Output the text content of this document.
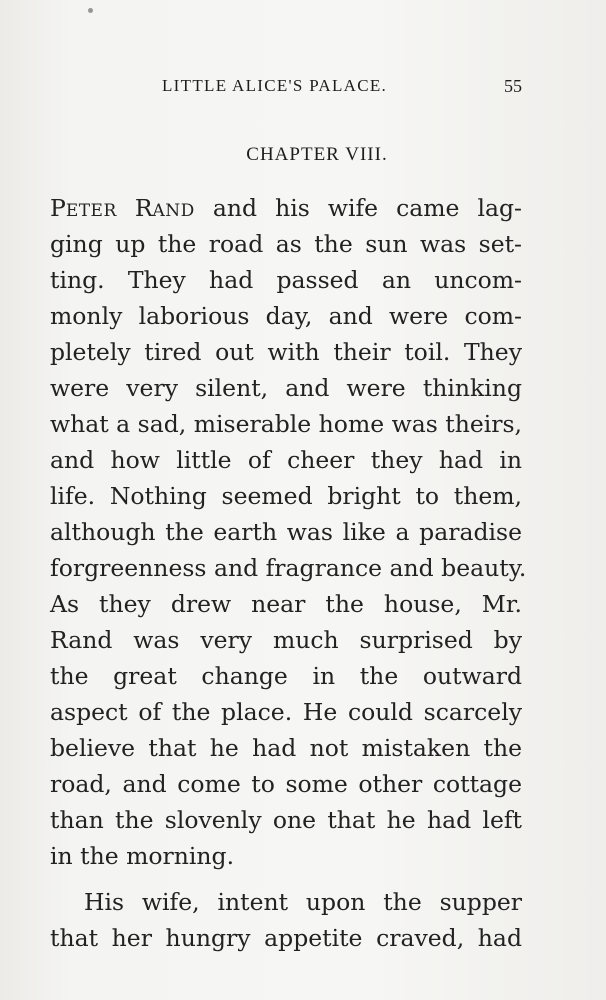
LITTLE ALICE'S PALACE.	55
CHAPTER VIII.
PETER RAND and his wife came lag-
ging up the road as the sun was set-
ting. They had passed an uncom-
monly laborious day, and were com-
pletely tired out with their toil. They
were very silent, and were thinking
what a sad, miserable home was theirs,
and how little of cheer they had in
life. Nothing seemed bright to them,
although the earth was like a paradise
forgreenness and fragrance and beauty.
As they drew near the house, Mr.
Rand was very much surprised by
the great change in the outward
aspect of the place. He could scarcely
believe that he had not mistaken the
road, and come to some other cottage
than the slovenly one that he had left
in the morning.
His wife, intent upon the supper
that her hungry appetite craved, had
